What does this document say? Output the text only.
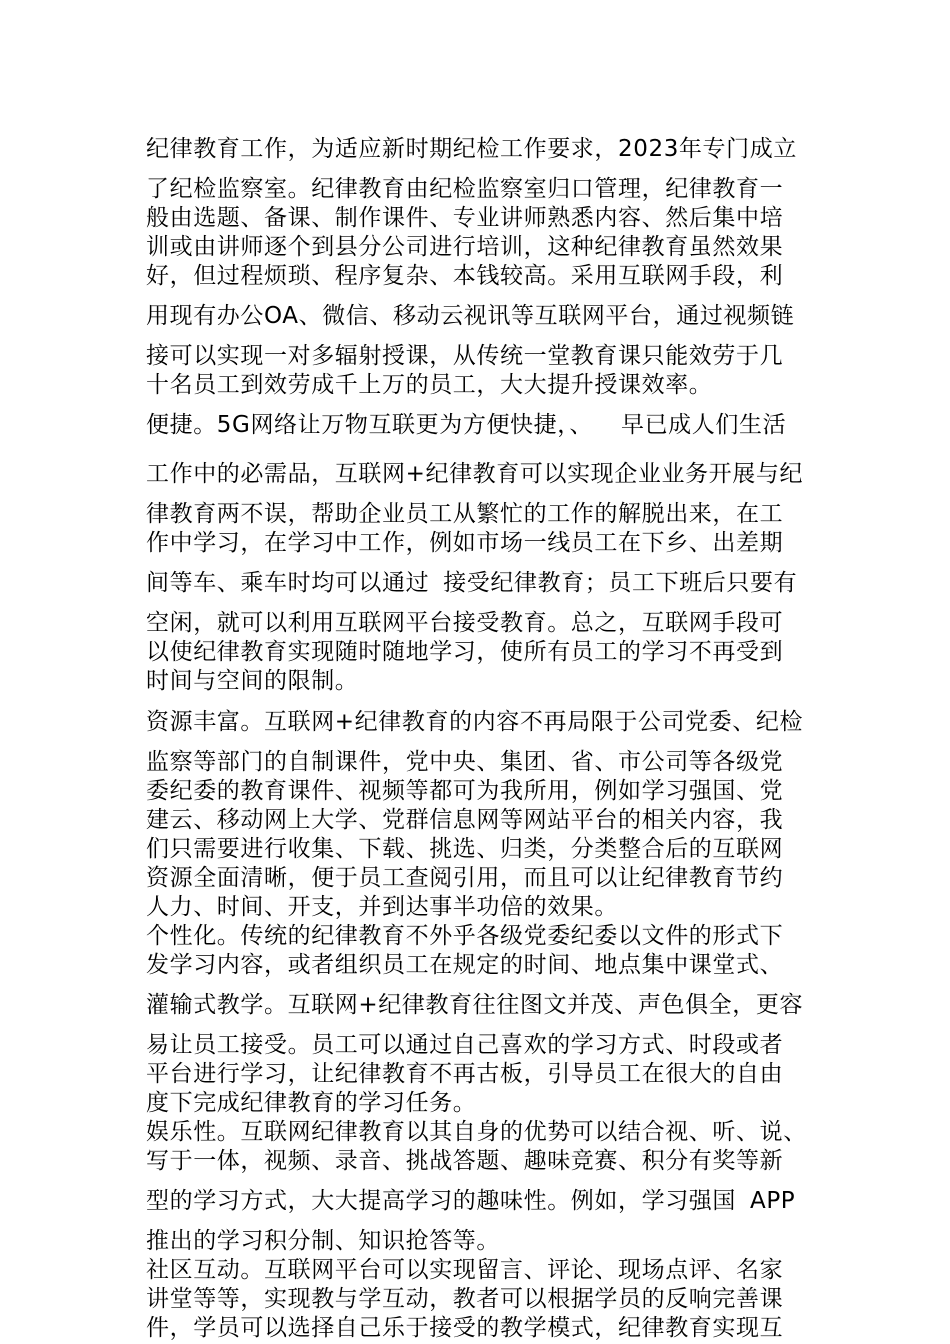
纪律教育工作，为适应新时期纪检工作要求，2023年专门成立
了纪检监察室。纪律教育由纪检监察室归口管理，纪律教育一
般由选题、备课、制作课件、专业讲师熟悉内容、然后集中培
训或由讲师逐个到县分公司进行培训，这种纪律教育虽然效果
好，但过程烦琐、程序复杂、本钱较高。采用互联网手段，利
用现有办公OA、微信、移动云视讯等互联网平台，通过视频链
接可以实现一对多辐射授课，从传统一堂教育课只能效劳于几
十名员工到效劳成千上万的员工，大大提升授课效率。
便捷。5G网络让万物互联更为方便快捷，、 早已成人们生活
工作中的必需品，互联网+纪律教育可以实现企业业务开展与纪
律教育两不误，帮助企业员工从繁忙的工作的解脱出来，在工
作中学习，在学习中工作，例如市场一线员工在下乡、出差期
间等车、乘车时均可以通过 接受纪律教育；员工下班后只要有
空闲，就可以利用互联网平台接受教育。总之，互联网手段可
以使纪律教育实现随时随地学习，使所有员工的学习不再受到
时间与空间的限制。
资源丰富。互联网+纪律教育的内容不再局限于公司党委、纪检
监察等部门的自制课件，党中央、集团、省、市公司等各级党
委纪委的教育课件、视频等都可为我所用，例如学习强国、党
建云、移动网上大学、党群信息网等网站平台的相关内容，我
们只需要进行收集、下载、挑选、归类，分类整合后的互联网
资源全面清晰，便于员工查阅引用，而且可以让纪律教育节约
人力、时间、开支，并到达事半功倍的效果。
个性化。传统的纪律教育不外乎各级党委纪委以文件的形式下
发学习内容，或者组织员工在规定的时间、地点集中课堂式、
灌输式教学。互联网+纪律教育往往图文并茂、声色俱全，更容
易让员工接受。员工可以通过自己喜欢的学习方式、时段或者
平台进行学习，让纪律教育不再古板，引导员工在很大的自由
度下完成纪律教育的学习任务。
娱乐性。互联网纪律教育以其自身的优势可以结合视、听、说、
写于一体，视频、录音、挑战答题、趣味竞赛、积分有奖等新
型的学习方式，大大提高学习的趣味性。例如，学习强国 APP
推出的学习积分制、知识抢答等。
社区互动。互联网平台可以实现留言、评论、现场点评、名家
讲堂等等，实现教与学互动，教者可以根据学员的反响完善课
件，学员可以选择自己乐于接受的教学模式，纪律教育实现互
